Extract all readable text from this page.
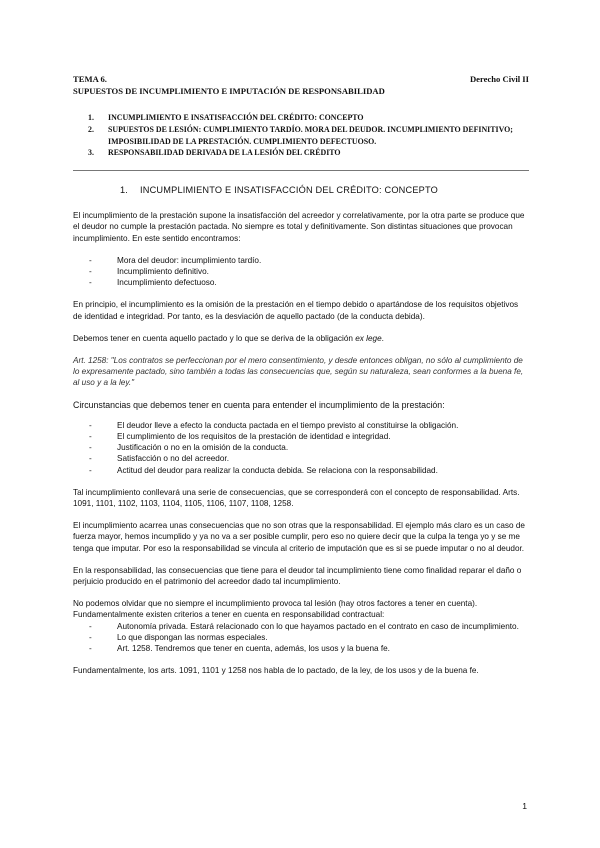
TEMA 6.	Derecho Civil II
SUPUESTOS DE INCUMPLIMIENTO E IMPUTACIÓN DE RESPONSABILIDAD
1.	INCUMPLIMIENTO E INSATISFACCIÓN DEL CRÉDITO: CONCEPTO
2.	SUPUESTOS DE LESIÓN: CUMPLIMIENTO TARDÍO. MORA DEL DEUDOR. INCUMPLIMIENTO DEFINITIVO; IMPOSIBILIDAD DE LA PRESTACIÓN. CUMPLIMIENTO DEFECTUOSO.
3.	RESPONSABILIDAD DERIVADA DE LA LESIÓN DEL CRÉDITO
1.	INCUMPLIMIENTO E INSATISFACCIÓN DEL CRÉDITO: CONCEPTO

El incumplimiento de la prestación supone la insatisfacción del acreedor y correlativamente, por la otra parte se produce que el deudor no cumple la prestación pactada. No siempre es total y definitivamente. Son distintas situaciones que provocan incumplimiento. En este sentido encontramos:

-	Mora del deudor: incumplimiento tardío.
-	Incumplimiento definitivo.
-	Incumplimiento defectuoso.

En principio, el incumplimiento es la omisión de la prestación en el tiempo debido o apartándose de los requisitos objetivos de identidad e integridad. Por tanto, es la desviación de aquello pactado (de la conducta debida).

Debemos tener en cuenta aquello pactado y lo que se deriva de la obligación ex lege.

Art. 1258: "Los contratos se perfeccionan por el mero consentimiento, y desde entonces obligan, no sólo al cumplimiento de lo expresamente pactado, sino también a todas las consecuencias que, según su naturaleza, sean conformes a la buena fe, al uso y a la ley."

Circunstancias que debemos tener en cuenta para entender el incumplimiento de la prestación:

-	El deudor lleve a efecto la conducta pactada en el tiempo previsto al constituirse la obligación.
-	El cumplimiento de los requisitos de la prestación de identidad e integridad.
-	Justificación o no en la omisión de la conducta.
-	Satisfacción o no del acreedor.
-	Actitud del deudor para realizar la conducta debida. Se relaciona con la responsabilidad.

Tal incumplimiento conllevará una serie de consecuencias, que se corresponderá con el concepto de responsabilidad. Arts. 1091, 1101, 1102, 1103, 1104, 1105, 1106, 1107, 1108, 1258.

El incumplimiento acarrea unas consecuencias que no son otras que la responsabilidad. El ejemplo más claro es un caso de fuerza mayor, hemos incumplido y ya no va a ser posible cumplir, pero eso no quiere decir que la culpa la tenga yo y se me tenga que imputar. Por eso la responsabilidad se vincula al criterio de imputación que es si se puede imputar o no al deudor.

En la responsabilidad, las consecuencias que tiene para el deudor tal incumplimiento tiene como finalidad reparar el daño o perjuicio producido en el patrimonio del acreedor dado tal incumplimiento.

No podemos olvidar que no siempre el incumplimiento provoca tal lesión (hay otros factores a tener en cuenta). Fundamentalmente existen criterios a tener en cuenta en responsabilidad contractual:

-	Autonomía privada. Estará relacionado con lo que hayamos pactado en el contrato en caso de incumplimiento.
-	Lo que dispongan las normas especiales.
-	Art. 1258. Tendremos que tener en cuenta, además, los usos y la buena fe.

Fundamentalmente, los arts. 1091, 1101 y 1258 nos habla de lo pactado, de la ley, de los usos y de la buena fe.

1
